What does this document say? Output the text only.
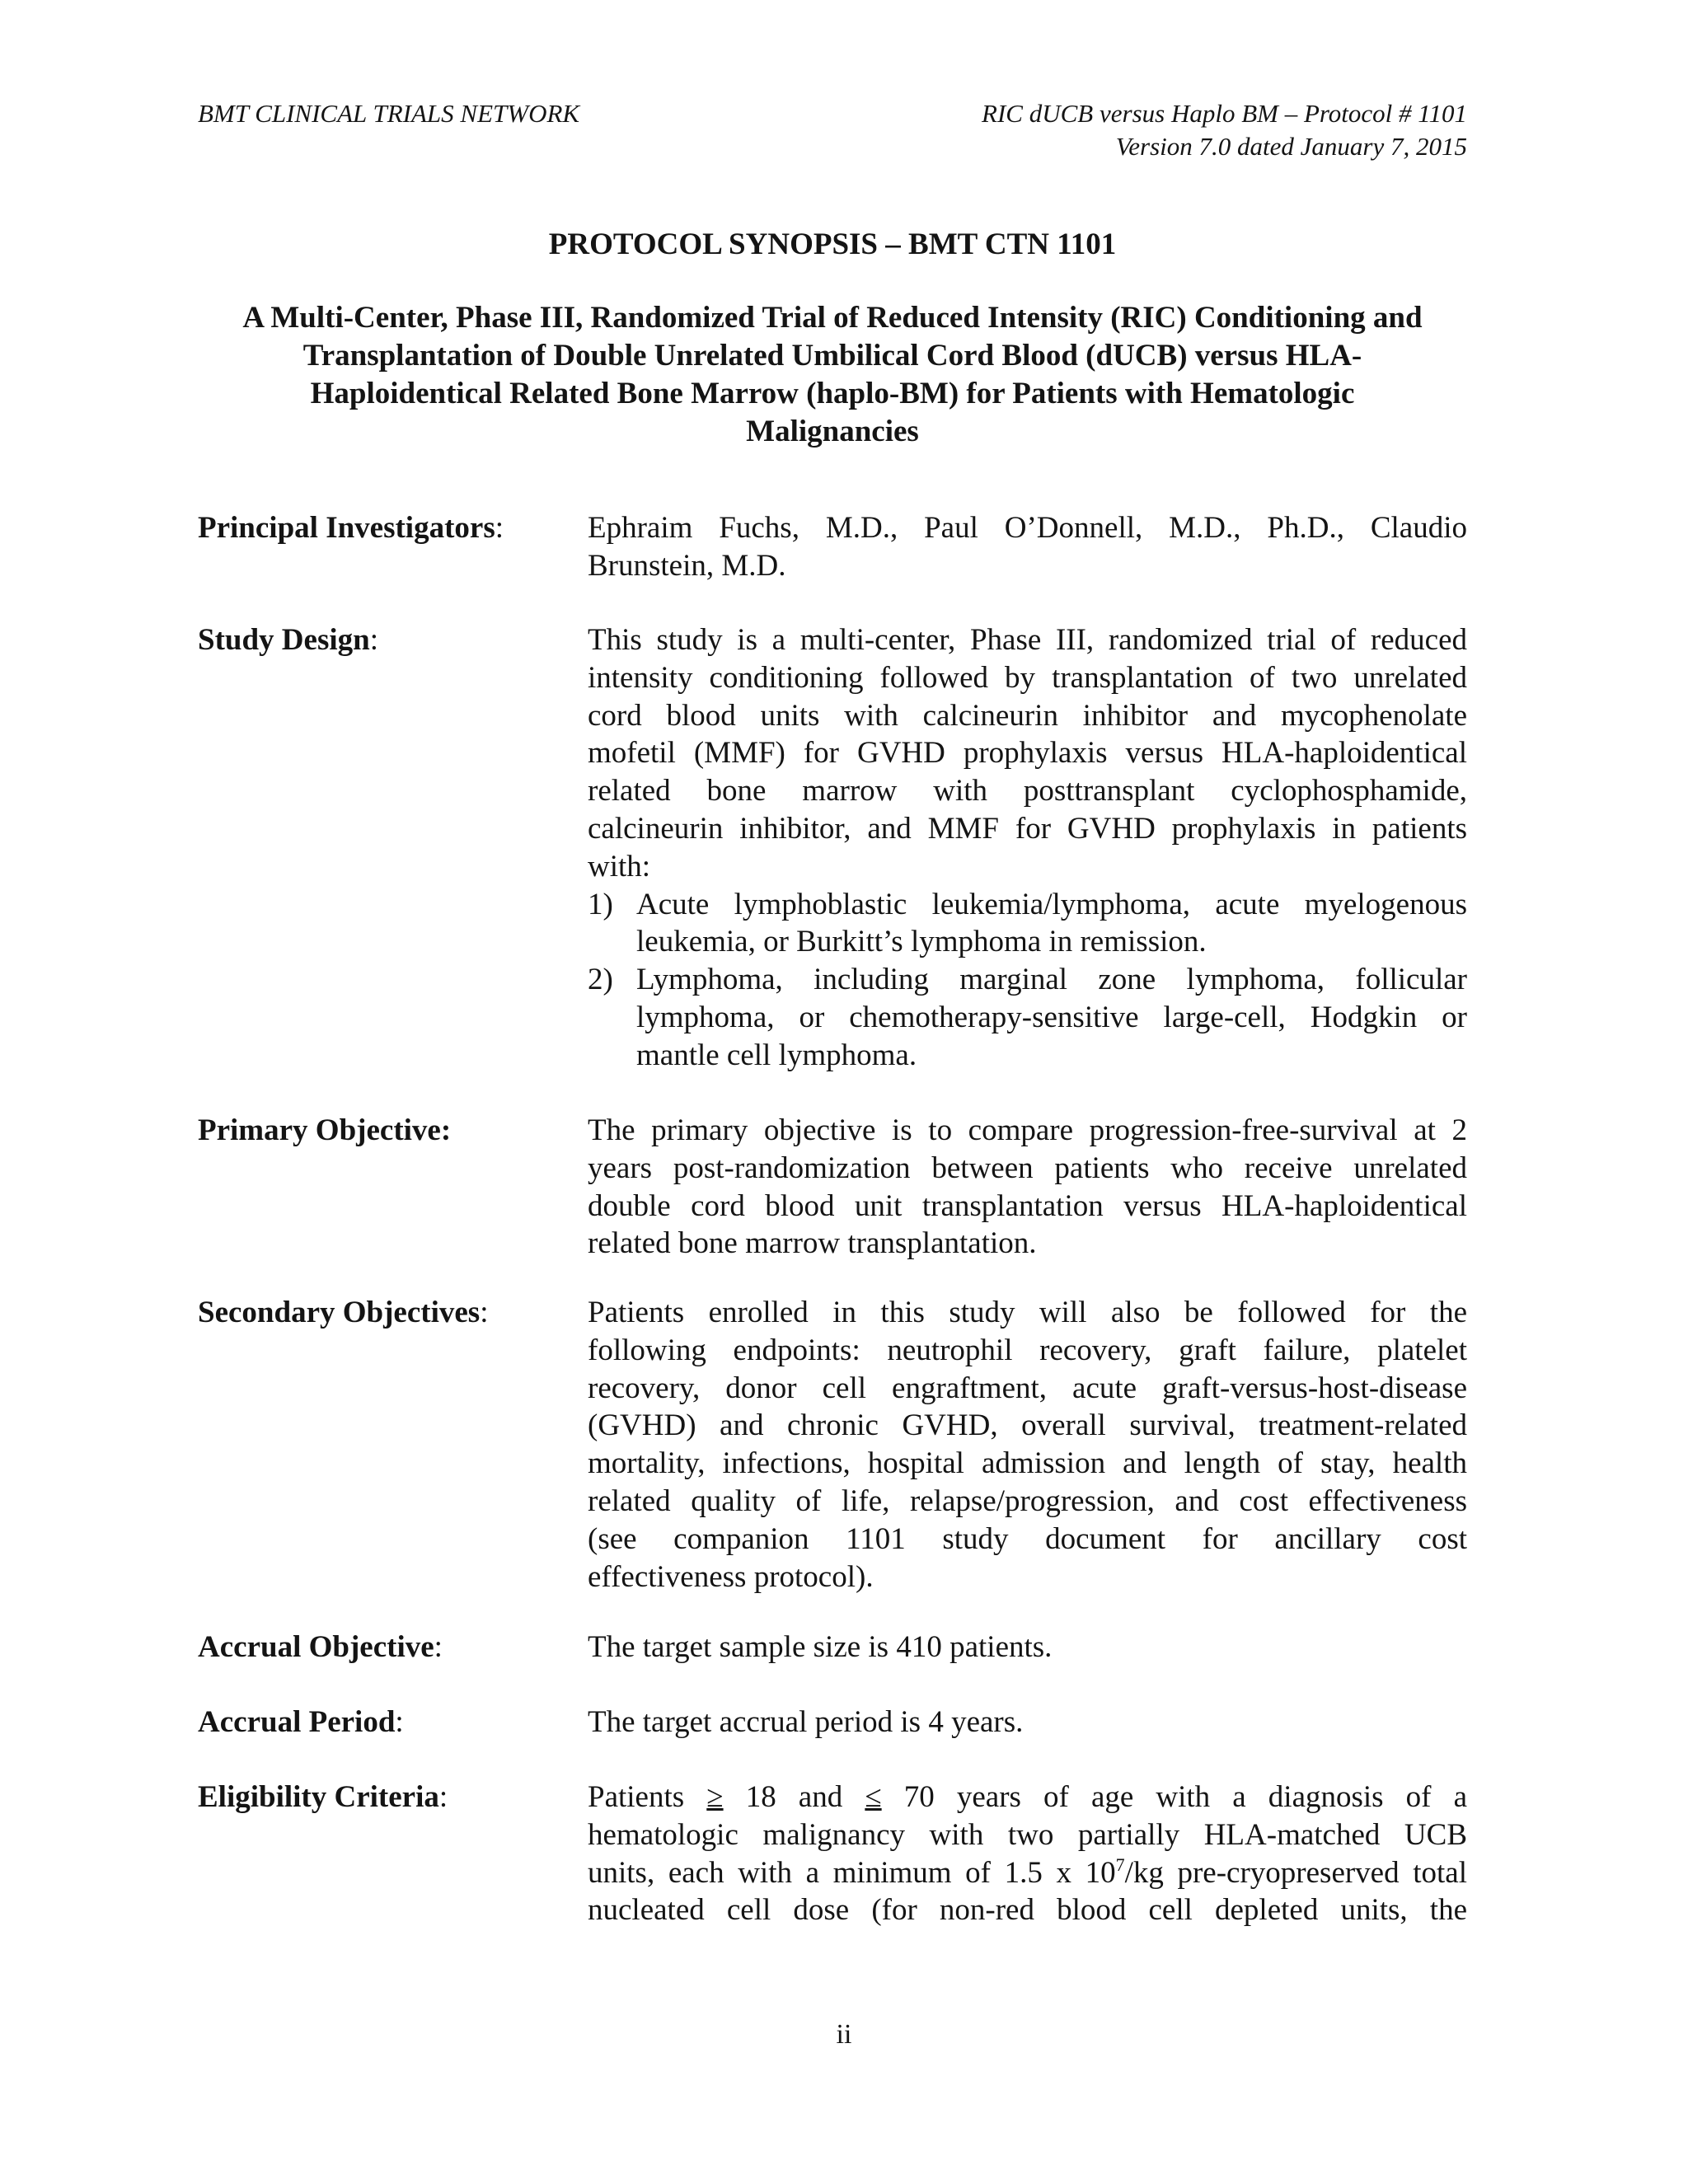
BMT CLINICAL TRIALS NETWORK	RIC dUCB versus Haplo BM – Protocol # 1101
Version 7.0 dated January 7, 2015
PROTOCOL SYNOPSIS – BMT CTN 1101
A Multi-Center, Phase III, Randomized Trial of Reduced Intensity (RIC) Conditioning and
Transplantation of Double Unrelated Umbilical Cord Blood (dUCB) versus HLA-
Haploidentical Related Bone Marrow (haplo-BM) for Patients with Hematologic
Malignancies
Principal Investigators:	Ephraim Fuchs, M.D., Paul O’Donnell, M.D., Ph.D., Claudio
Brunstein, M.D.
Study Design:	This study is a multi-center, Phase III, randomized trial of reduced
intensity conditioning followed by transplantation of two unrelated
cord blood units with calcineurin inhibitor and mycophenolate
mofetil (MMF) for GVHD prophylaxis versus HLA-haploidentical
related bone marrow with posttransplant cyclophosphamide,
calcineurin inhibitor, and MMF for GVHD prophylaxis in patients
with:
1) Acute lymphoblastic leukemia/lymphoma, acute myelogenous
leukemia, or Burkitt’s lymphoma in remission.
2) Lymphoma, including marginal zone lymphoma, follicular
lymphoma, or chemotherapy-sensitive large-cell, Hodgkin or
mantle cell lymphoma.
Primary Objective:	The primary objective is to compare progression-free-survival at 2
years post-randomization between patients who receive unrelated
double cord blood unit transplantation versus HLA-haploidentical
related bone marrow transplantation.
Secondary Objectives:	Patients enrolled in this study will also be followed for the
following endpoints: neutrophil recovery, graft failure, platelet
recovery, donor cell engraftment, acute graft-versus-host-disease
(GVHD) and chronic GVHD, overall survival, treatment-related
mortality, infections, hospital admission and length of stay, health
related quality of life, relapse/progression, and cost effectiveness
(see companion 1101 study document for ancillary cost
effectiveness protocol).
Accrual Objective:	The target sample size is 410 patients.
Accrual Period:	The target accrual period is 4 years.
Eligibility Criteria:	Patients ≥ 18 and ≤ 70 years of age with a diagnosis of a
hematologic malignancy with two partially HLA-matched UCB
units, each with a minimum of 1.5 x $10^7/kg$ pre-cryopreserved total
nucleated cell dose (for non-red blood cell depleted units, the
ii
